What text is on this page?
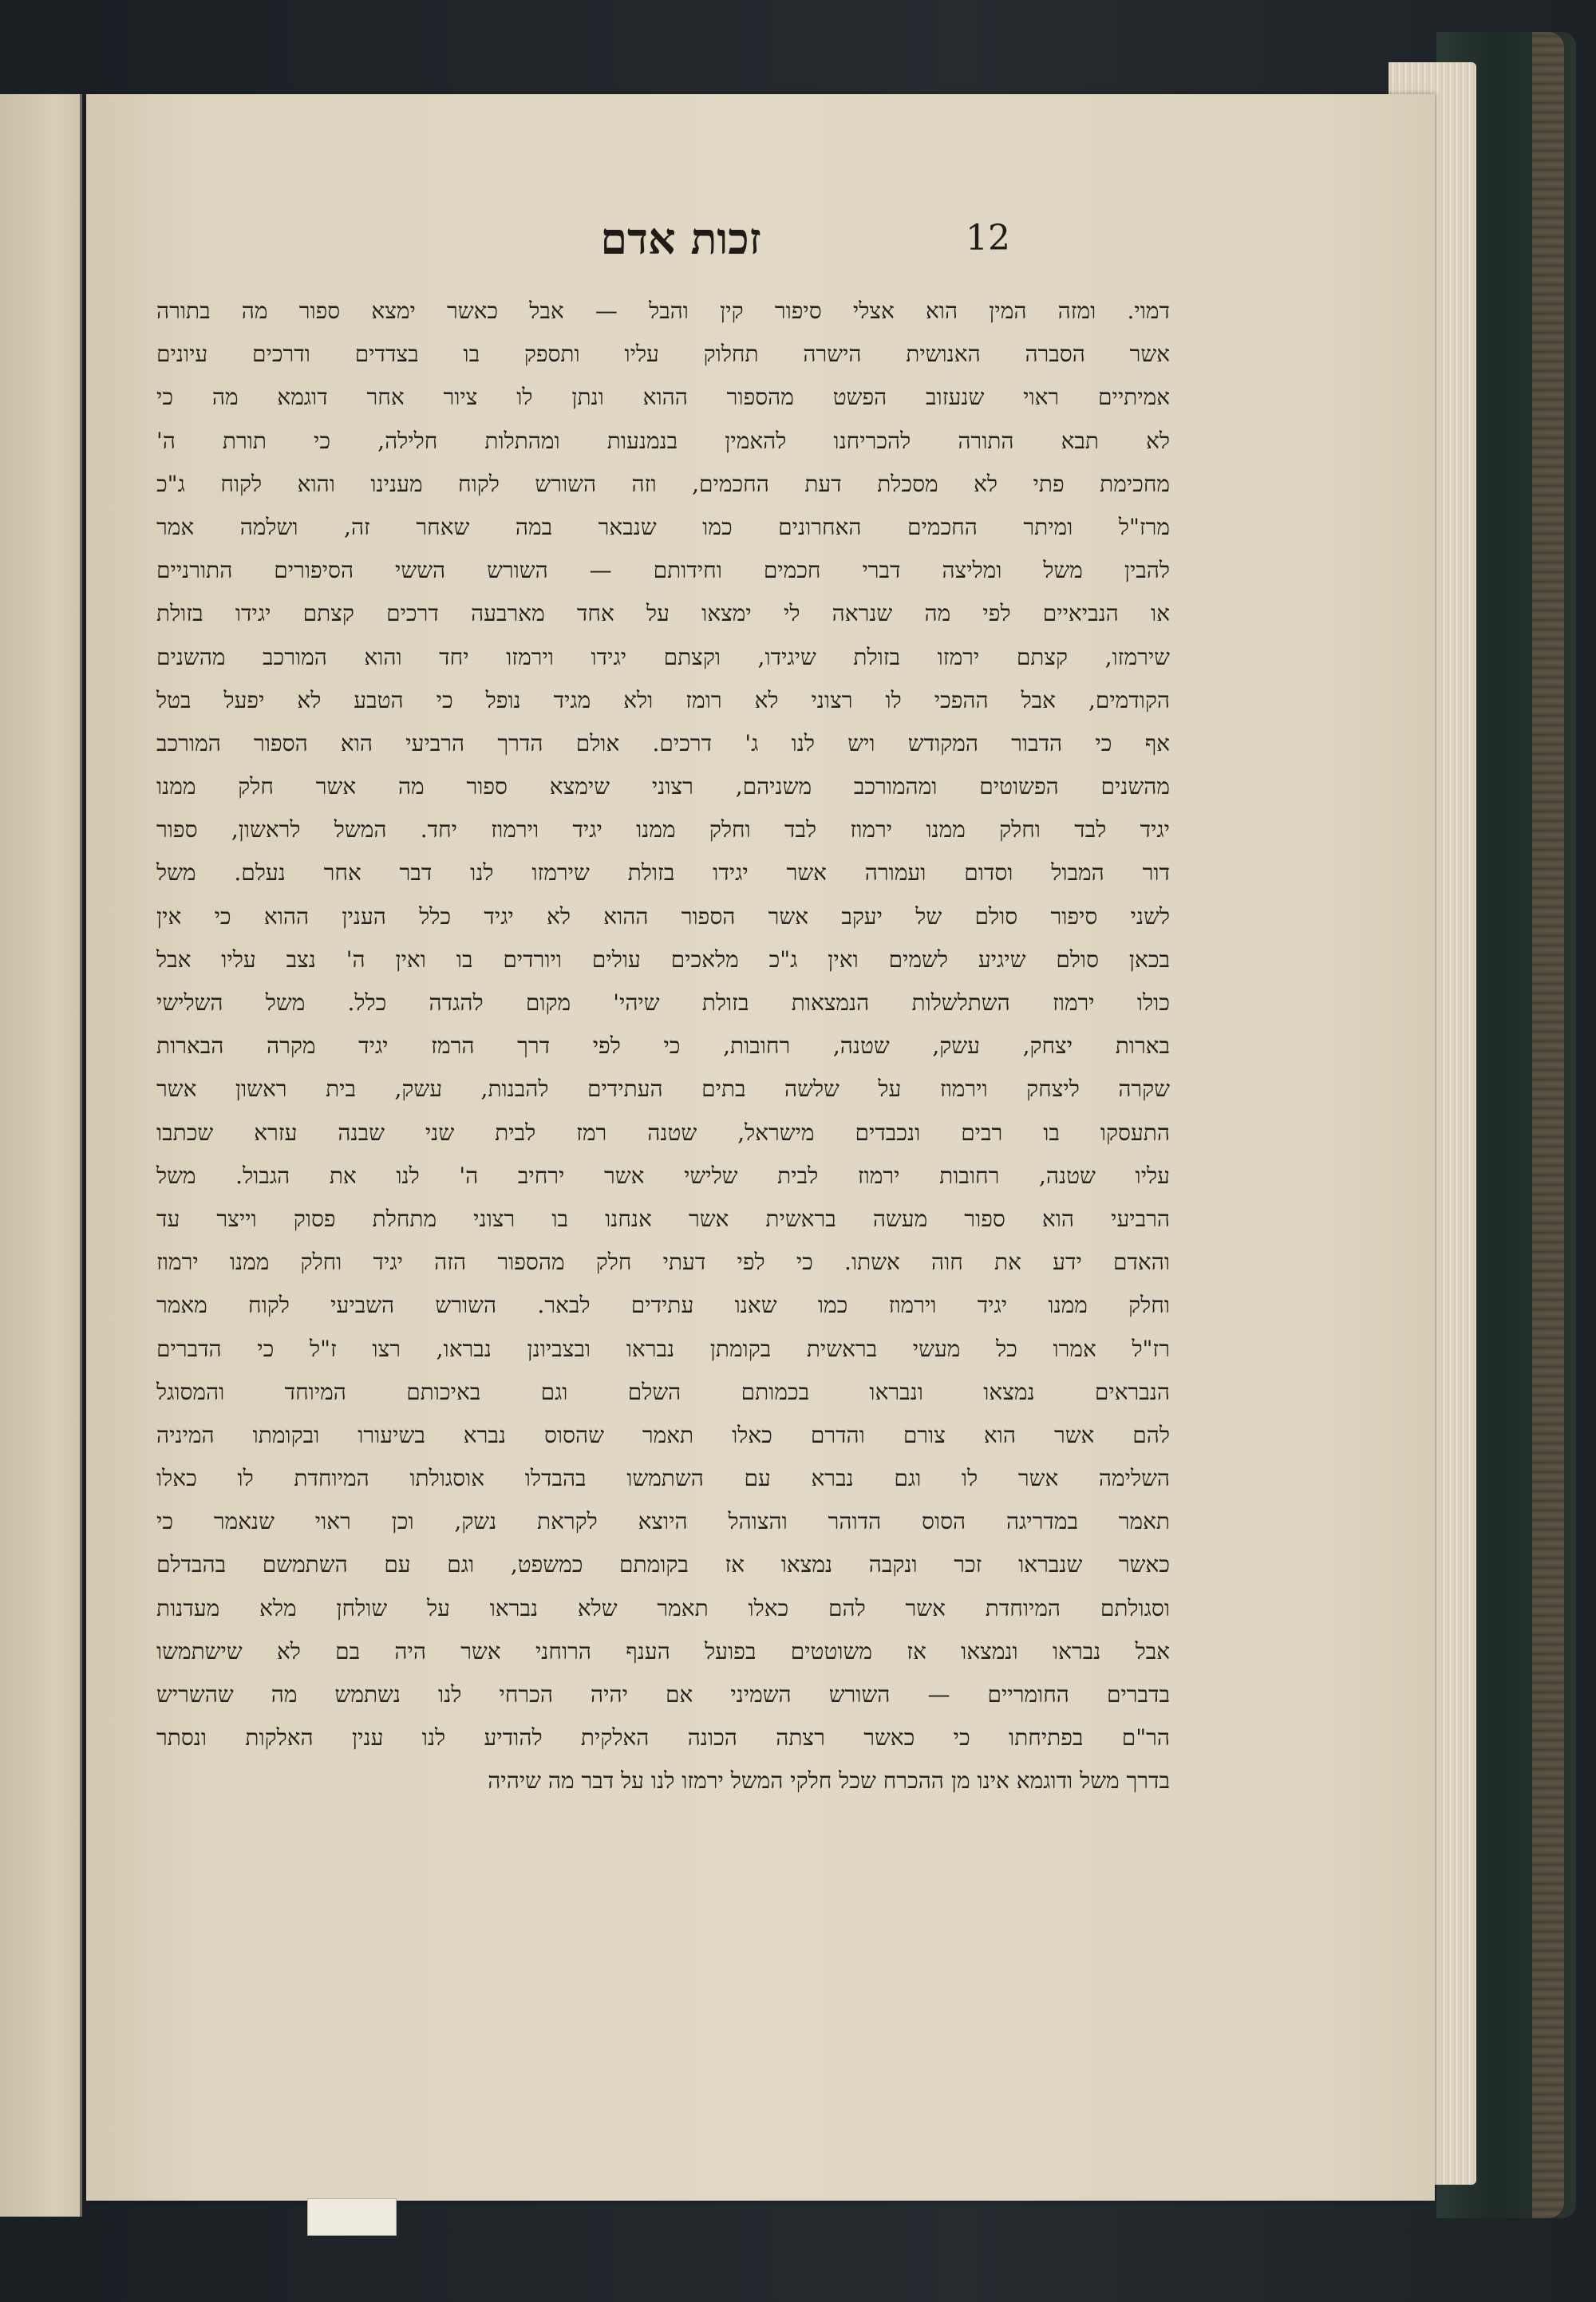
זכות אדם	12
דמוי. ומזה המין הוא אצלי סיפור קין והבל — אבל כאשר ימצא ספור מה בתורה
אשר הסברה האנושית הישרה תחלוק עליו ותספק בו בצדדים ודרכים עיונים
אמיתיים ראוי שנעזוב הפשט מהספור ההוא ונתן לו ציור אחר דוגמא מה כי
לא תבא התורה להכריחנו להאמין בנמנעות ומהתלות חלילה, כי תורת ה'
מחכימת פתי לא מסכלת דעת החכמים, וזה השורש לקוח מענינו והוא לקוח ג"כ
מרז"ל ומיתר החכמים האחרונים כמו שנבאר במה שאחר זה, ושלמה אמר
להבין משל ומליצה דברי חכמים וחידותם — השורש הששי הסיפורים התורניים
או הנביאיים לפי מה שנראה לי ימצאו על אחד מארבעה דרכים קצתם יגידו בזולת
שירמזו, קצתם ירמזו בזולת שיגידו, וקצתם יגידו וירמזו יחד והוא המורכב מהשנים
הקודמים, אבל ההפכי לו רצוני לא רומז ולא מגיד נופל כי הטבע לא יפעל בטל
אף כי הדבור המקודש ויש לנו ג' דרכים. אולם הדרך הרביעי הוא הספור המורכב
מהשנים הפשוטים ומהמורכב משניהם, רצוני שימצא ספור מה אשר חלק ממנו
יגיד לבד וחלק ממנו ירמוז לבד וחלק ממנו יגיד וירמוז יחד. המשל לראשון, ספור
דור המבול וסדום ועמורה אשר יגידו בזולת שירמזו לנו דבר אחר נעלם. משל
לשני סיפור סולם של יעקב אשר הספור ההוא לא יגיד כלל הענין ההוא כי אין
בכאן סולם שיגיע לשמים ואין ג"כ מלאכים עולים ויורדים בו ואין ה' נצב עליו אבל
כולו ירמוז השתלשלות הנמצאות בזולת שיהי' מקום להגדה כלל. משל השלישי
בארות יצחק, עשק, שטנה, רחובות, כי לפי דרך הרמז יגיד מקרה הבארות
שקרה ליצחק וירמוז על שלשה בתים העתידים להבנות, עשק, בית ראשון אשר
התעסקו בו רבים ונכבדים מישראל, שטנה רמז לבית שני שבנה עזרא שכתבו
עליו שטנה, רחובות ירמוז לבית שלישי אשר ירחיב ה' לנו את הגבול. משל
הרביעי הוא ספור מעשה בראשית אשר אנחנו בו רצוני מתחלת פסוק וייצר עד
והאדם ידע את חוה אשתו. כי לפי דעתי חלק מהספור הזה יגיד וחלק ממנו ירמוז
וחלק ממנו יגיד וירמוז כמו שאנו עתידים לבאר. השורש השביעי לקוח מאמר
רז"ל אמרו כל מעשי בראשית בקומתן נבראו ובצביונן נבראו, רצו ז"ל כי הדברים
הנבראים נמצאו ונבראו בכמותם השלם וגם באיכותם המיוחד והמסוגל
להם אשר הוא צורם והדרם כאלו תאמר שהסוס נברא בשיעורו ובקומתו המיניה
השלימה אשר לו וגם נברא עם השתמשו בהבדלו אוסגולתו המיוחדת לו כאלו
תאמר במדריגה הסוס הדוהר והצוהל היוצא לקראת נשק, וכן ראוי שנאמר כי
כאשר שנבראו זכר ונקבה נמצאו אז בקומתם כמשפט, וגם עם השתמשם בהבדלם
וסגולתם המיוחדת אשר להם כאלו תאמר שלא נבראו על שולחן מלא מעדנות
אבל נבראו ונמצאו אז משוטטים בפועל הענף הרוחני אשר היה בם לא שישתמשו
בדברים החומריים — השורש השמיני אם יהיה הכרחי לנו נשתמש מה שהשריש
הר"ם בפתיחתו כי כאשר רצתה הכונה האלקית להודיע לנו ענין האלקות ונסתר
בדרך משל ודוגמא אינו מן ההכרח שכל חלקי המשל ירמזו לנו על דבר מה שיהיה
